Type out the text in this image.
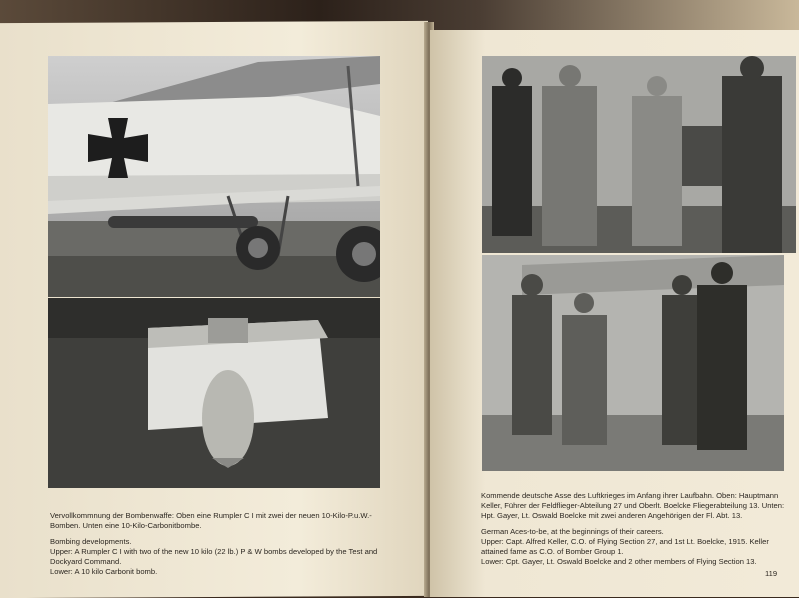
Vervollkommnung der Bombenwaffe: Oben eine Rumpler C I mit zwei der neuen 10-Kilo-P.u.W.-Bomben. Unten eine 10-Kilo-Carbonitbombe.

Bombing developments.

Upper: A Rumpler C I with two of the new 10 kilo (22 lb.) P & W bombs developed by the Test and Dockyard Command.

Lower: A 10 kilo Carbonit bomb.

Kommende deutsche Asse des Luftkrieges im Anfang ihrer Laufbahn. Oben: Hauptmann Keller, Führer der Feldflieger-Abteilung 27 und Oberlt. Boelcke Fliegerabteilung 13. Unten: Hpt. Gayer, Lt. Oswald Boelcke mit zwei anderen Angehörigen der Fl. Abt. 13.

German Aces-to-be, at the beginnings of their careers.

Upper: Capt. Alfred Keller, C.O. of Flying Section 27, and 1st Lt. Boelcke, 1915. Keller attained fame as C.O. of Bomber Group 1.

Lower: Cpt. Gayer, Lt. Oswald Boelcke and 2 other members of Flying Section 13.

119
